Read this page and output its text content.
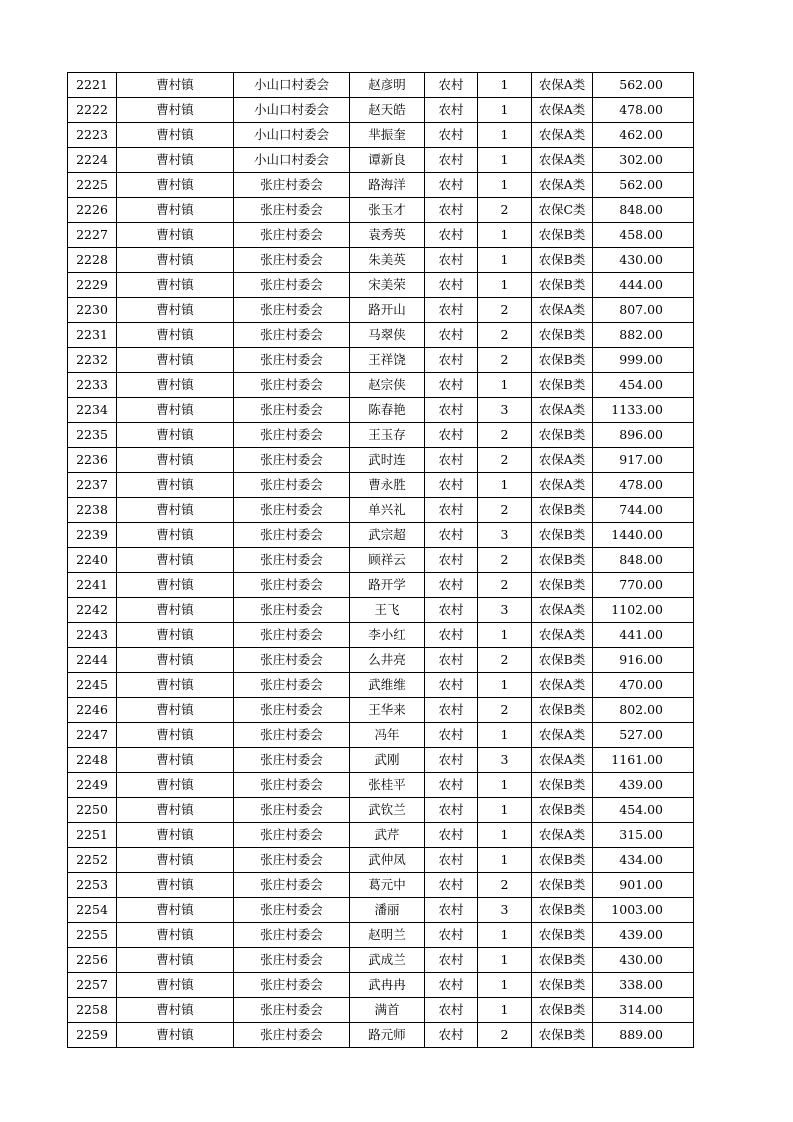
2221	曹村镇	小山口村委会	赵彦明	农村	1	农保A类	562.00
2222	曹村镇	小山口村委会	赵天皓	农村	1	农保A类	478.00
2223	曹村镇	小山口村委会	芈振奎	农村	1	农保A类	462.00
2224	曹村镇	小山口村委会	谭新良	农村	1	农保A类	302.00
2225	曹村镇	张庄村委会	路海洋	农村	1	农保A类	562.00
2226	曹村镇	张庄村委会	张玉才	农村	2	农保C类	848.00
2227	曹村镇	张庄村委会	袁秀英	农村	1	农保B类	458.00
2228	曹村镇	张庄村委会	朱美英	农村	1	农保B类	430.00
2229	曹村镇	张庄村委会	宋美荣	农村	1	农保B类	444.00
2230	曹村镇	张庄村委会	路开山	农村	2	农保A类	807.00
2231	曹村镇	张庄村委会	马翠侠	农村	2	农保B类	882.00
2232	曹村镇	张庄村委会	王祥饶	农村	2	农保B类	999.00
2233	曹村镇	张庄村委会	赵宗侠	农村	1	农保B类	454.00
2234	曹村镇	张庄村委会	陈春艳	农村	3	农保A类	1133.00
2235	曹村镇	张庄村委会	王玉存	农村	2	农保B类	896.00
2236	曹村镇	张庄村委会	武时连	农村	2	农保A类	917.00
2237	曹村镇	张庄村委会	曹永胜	农村	1	农保A类	478.00
2238	曹村镇	张庄村委会	单兴礼	农村	2	农保B类	744.00
2239	曹村镇	张庄村委会	武宗超	农村	3	农保B类	1440.00
2240	曹村镇	张庄村委会	顾祥云	农村	2	农保B类	848.00
2241	曹村镇	张庄村委会	路开学	农村	2	农保B类	770.00
2242	曹村镇	张庄村委会	王飞	农村	3	农保A类	1102.00
2243	曹村镇	张庄村委会	李小红	农村	1	农保A类	441.00
2244	曹村镇	张庄村委会	么井亮	农村	2	农保B类	916.00
2245	曹村镇	张庄村委会	武维维	农村	1	农保A类	470.00
2246	曹村镇	张庄村委会	王华来	农村	2	农保B类	802.00
2247	曹村镇	张庄村委会	冯年	农村	1	农保A类	527.00
2248	曹村镇	张庄村委会	武刚	农村	3	农保A类	1161.00
2249	曹村镇	张庄村委会	张桂平	农村	1	农保B类	439.00
2250	曹村镇	张庄村委会	武钦兰	农村	1	农保B类	454.00
2251	曹村镇	张庄村委会	武芹	农村	1	农保A类	315.00
2252	曹村镇	张庄村委会	武仲凤	农村	1	农保B类	434.00
2253	曹村镇	张庄村委会	葛元中	农村	2	农保B类	901.00
2254	曹村镇	张庄村委会	潘丽	农村	3	农保B类	1003.00
2255	曹村镇	张庄村委会	赵明兰	农村	1	农保B类	439.00
2256	曹村镇	张庄村委会	武成兰	农村	1	农保B类	430.00
2257	曹村镇	张庄村委会	武冉冉	农村	1	农保B类	338.00
2258	曹村镇	张庄村委会	满首	农村	1	农保B类	314.00
2259	曹村镇	张庄村委会	路元师	农村	2	农保B类	889.00
